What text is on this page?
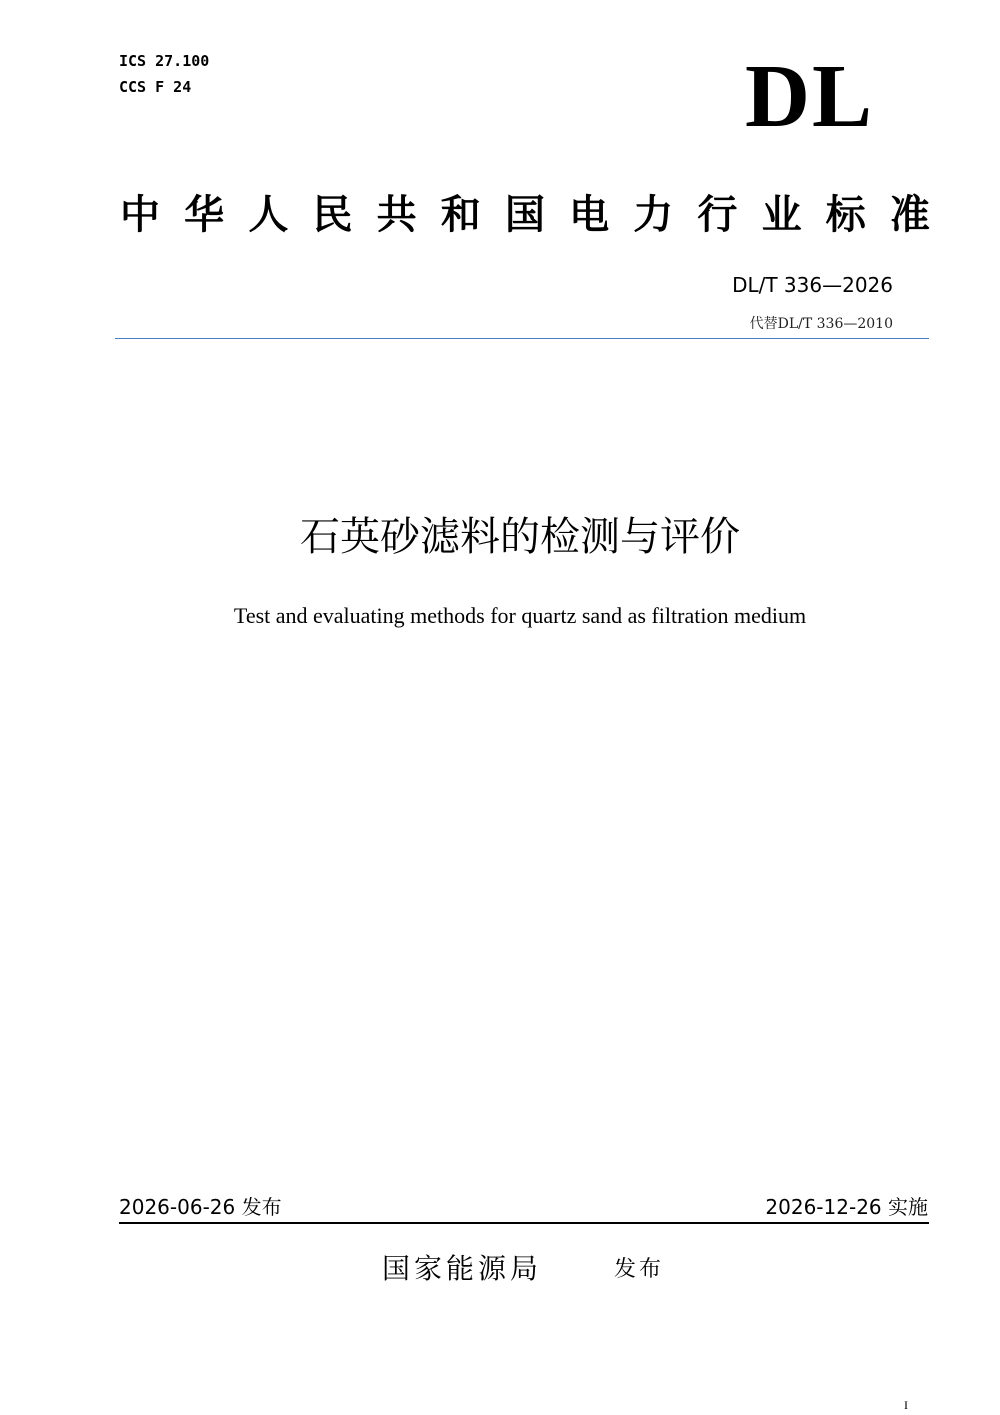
ICS 27.100
CCS F 24	DL
中 华 人 民 共 和 国 电 力 行 业 标 准
DL/T 336—2026
代替DL/T 336—2010
石英砂滤料的检测与评价
Test and evaluating methods for quartz sand as filtration medium
2026-06-26 发布	2026-12-26 实施
国家能源局	发布
I
